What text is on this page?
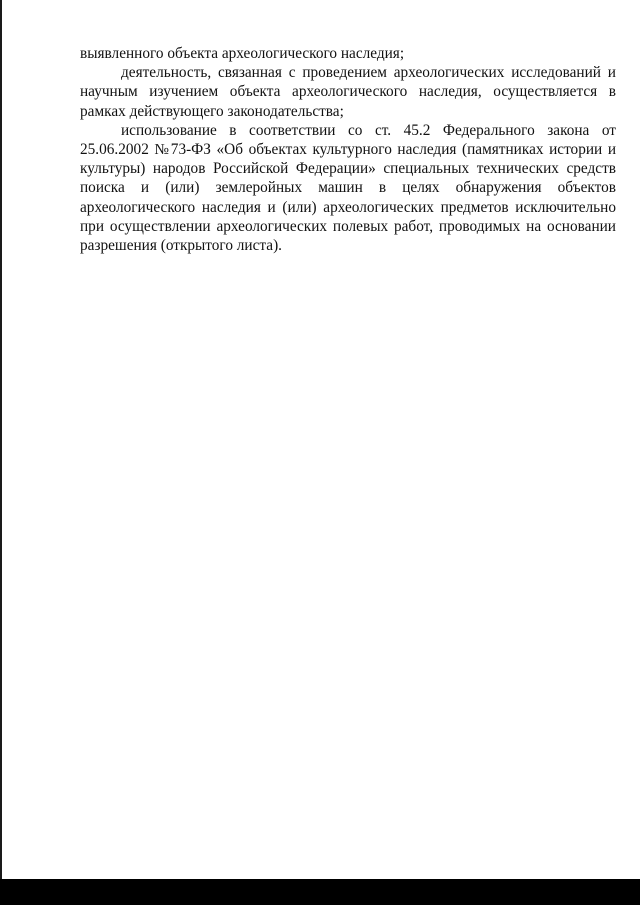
выявленного объекта археологического наследия;

деятельность, связанная с проведением археологических исследований и научным изучением объекта археологического наследия, осуществляется в рамках действующего законодательства;

использование в соответствии со ст. 45.2 Федерального закона от 25.06.2002 №73-ФЗ «Об объектах культурного наследия (памятниках истории и культуры) народов Российской Федерации» специальных технических средств поиска и (или) землеройных машин в целях обнаружения объектов археологического наследия и (или) археологических предметов исключительно при осуществлении археологических полевых работ, проводимых на основании разрешения (открытого листа).
